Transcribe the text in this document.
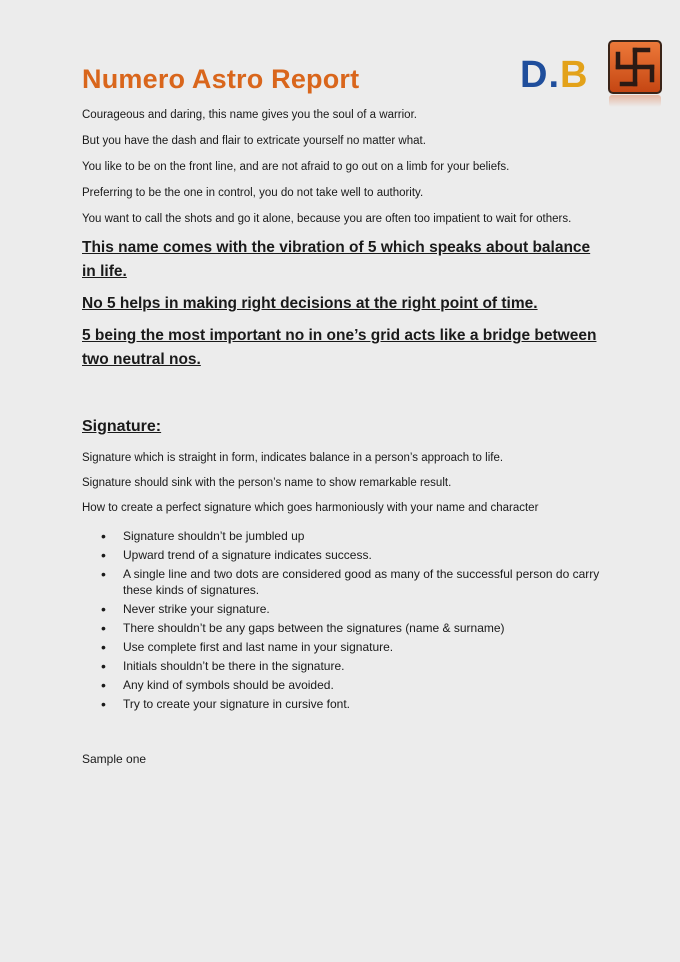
Numero Astro Report	D.B

Courageous and daring, this name gives you the soul of a warrior.

But you have the dash and flair to extricate yourself no matter what.

You like to be on the front line, and are not afraid to go out on a limb for your beliefs.

Preferring to be the one in control, you do not take well to authority.

You want to call the shots and go it alone, because you are often too impatient to wait for others.

This name comes with the vibration of 5 which speaks about balance in life.

No 5 helps in making right decisions at the right point of time.

5 being the most important no in one’s grid acts like a bridge between two neutral nos.

Signature:

Signature which is straight in form, indicates balance in a person’s approach to life.

Signature should sink with the person’s name to show remarkable result.

How to create a perfect signature which goes harmoniously with your name and character

• Signature shouldn’t be jumbled up
• Upward trend of a signature indicates success.
• A single line and two dots are considered good as many of the successful person do carry these kinds of signatures.
• Never strike your signature.
• There shouldn’t be any gaps between the signatures (name & surname)
• Use complete first and last name in your signature.
• Initials shouldn’t be there in the signature.
• Any kind of symbols should be avoided.
• Try to create your signature in cursive font.

Sample one
